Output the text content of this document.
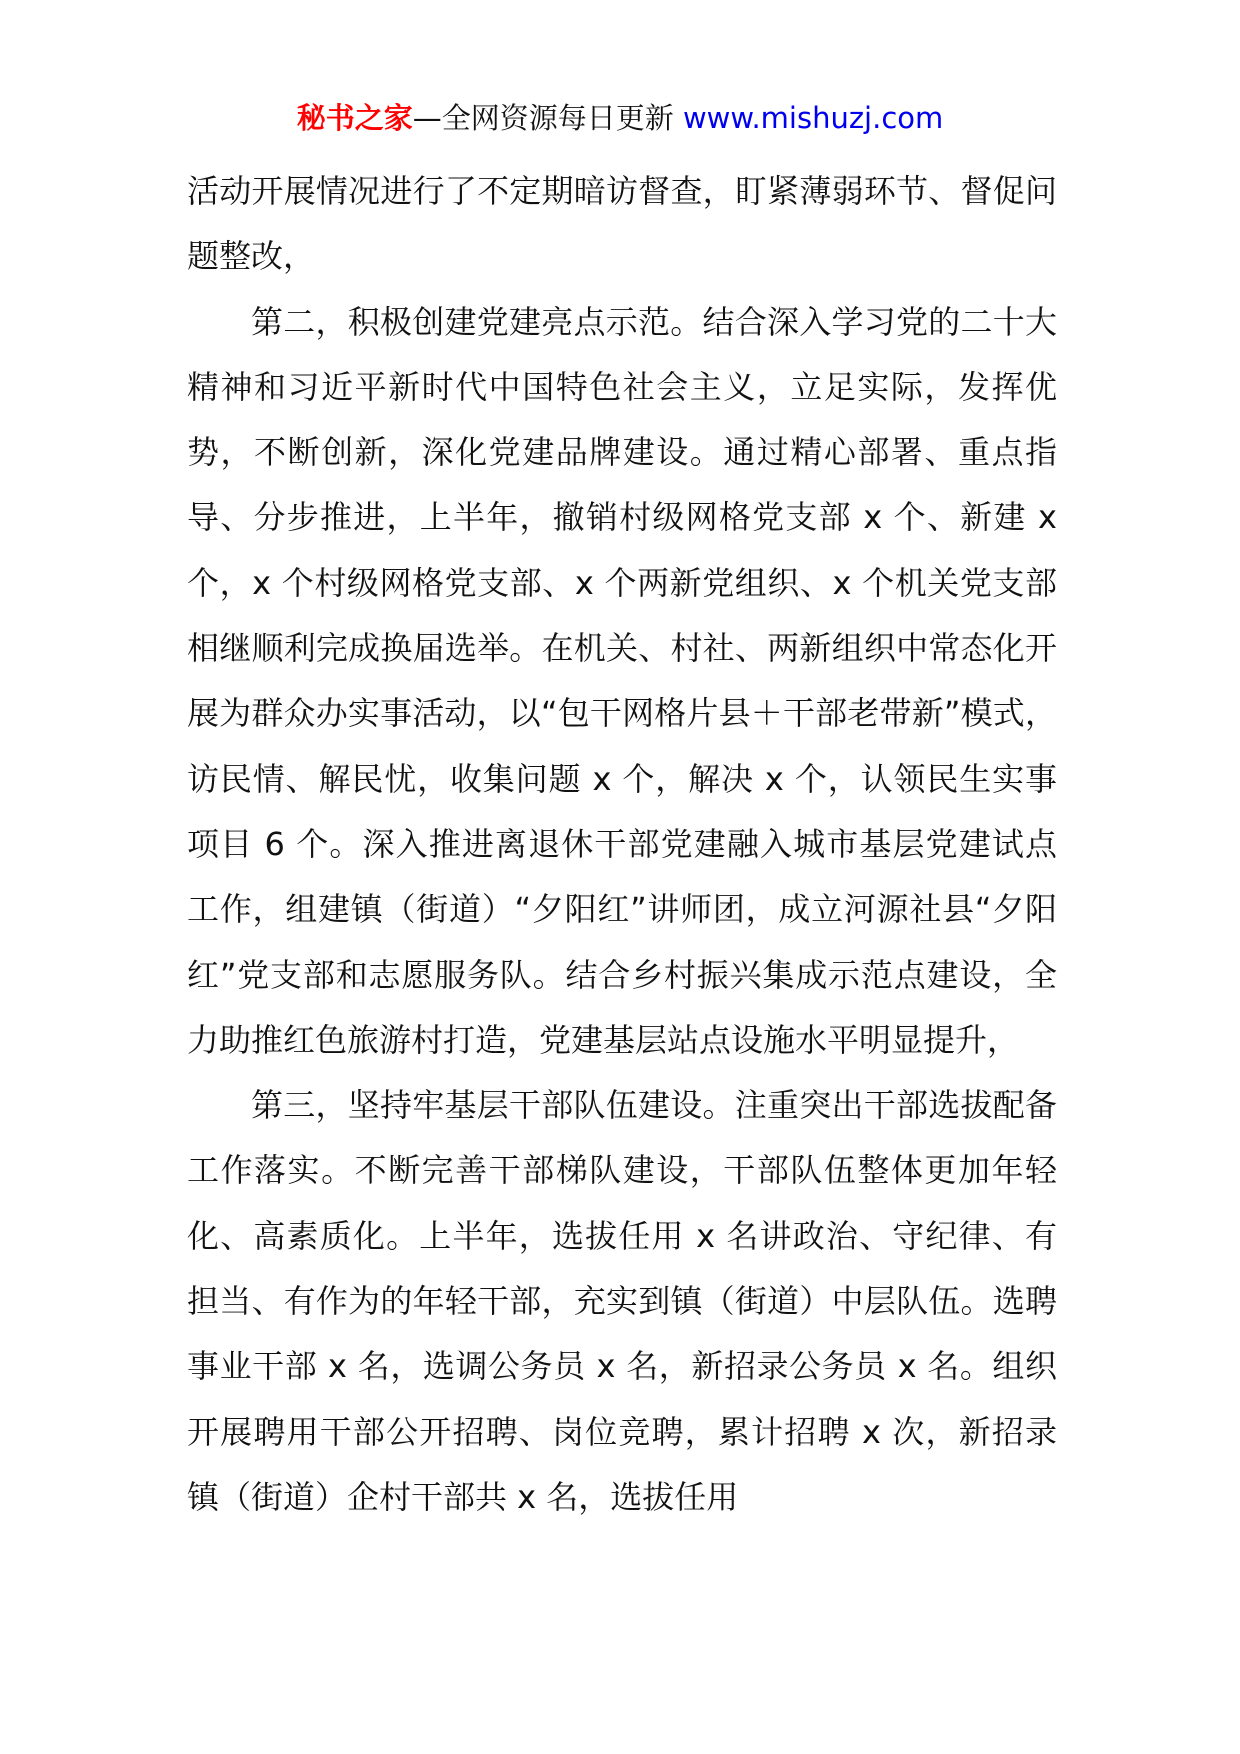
秘书之家—全网资源每日更新 www.mishuzj.com

活动开展情况进行了不定期暗访督查，盯紧薄弱环节、督促问题整改，

第二，积极创建党建亮点示范。结合深入学习党的二十大精神和习近平新时代中国特色社会主义，立足实际，发挥优势，不断创新，深化党建品牌建设。通过精心部署、重点指导、分步推进，上半年，撤销村级网格党支部 x 个、新建 x 个，x 个村级网格党支部、x 个两新党组织、x 个机关党支部相继顺利完成换届选举。在机关、村社、两新组织中常态化开展为群众办实事活动，以“包干网格片县＋干部老带新”模式，访民情、解民忧，收集问题 x 个，解决 x 个，认领民生实事项目 6 个。深入推进离退休干部党建融入城市基层党建试点工作，组建镇（街道）“夕阳红”讲师团，成立河源社县“夕阳红”党支部和志愿服务队。结合乡村振兴集成示范点建设，全力助推红色旅游村打造，党建基层站点设施水平明显提升，

第三，坚持牢基层干部队伍建设。注重突出干部选拔配备工作落实。不断完善干部梯队建设，干部队伍整体更加年轻化、高素质化。上半年，选拔任用 x 名讲政治、守纪律、有担当、有作为的年轻干部，充实到镇（街道）中层队伍。选聘事业干部 x 名，选调公务员 x 名，新招录公务员 x 名。组织开展聘用干部公开招聘、岗位竞聘，累计招聘 x 次，新招录镇（街道）企村干部共 x 名，选拔任用
